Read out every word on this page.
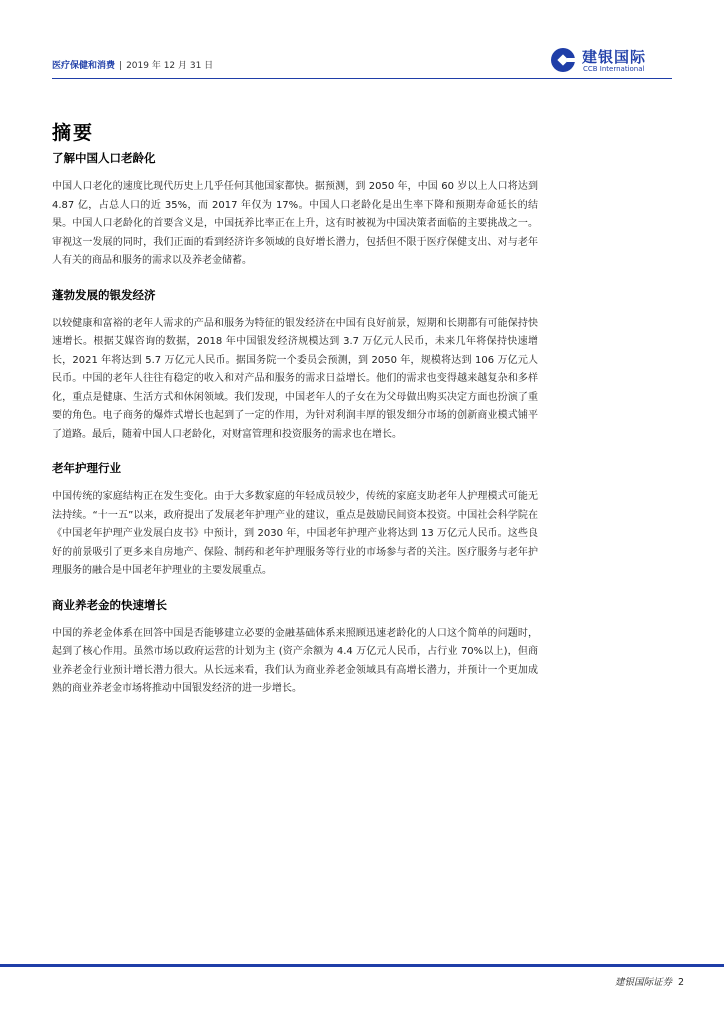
医疗保健和消费 | 2019 年 12 月 31 日	建银国际
CCB International
摘要

了解中国人口老龄化

中国人口老化的速度比现代历史上几乎任何其他国家都快。据预测，到 2050 年，中国 60 岁以上人口将达到 4.87 亿，占总人口的近 35%，而 2017 年仅为 17%。中国人口老龄化是出生率下降和预期寿命延长的结果。中国人口老龄化的首要含义是，中国抚养比率正在上升，这有时被视为中国决策者面临的主要挑战之一。审视这一发展的同时，我们正面的看到经济许多领域的良好增长潜力，包括但不限于医疗保健支出、对与老年人有关的商品和服务的需求以及养老金储蓄。

蓬勃发展的银发经济

以较健康和富裕的老年人需求的产品和服务为特征的银发经济在中国有良好前景，短期和长期都有可能保持快速增长。根据艾媒咨询的数据，2018 年中国银发经济规模达到 3.7 万亿元人民币，未来几年将保持快速增长，2021 年将达到 5.7 万亿元人民币。据国务院一个委员会预测，到 2050 年，规模将达到 106 万亿元人民币。中国的老年人往往有稳定的收入和对产品和服务的需求日益增长。他们的需求也变得越来越复杂和多样化，重点是健康、生活方式和休闲领域。我们发现，中国老年人的子女在为父母做出购买决定方面也扮演了重要的角色。电子商务的爆炸式增长也起到了一定的作用，为针对利润丰厚的银发细分市场的创新商业模式铺平了道路。最后，随着中国人口老龄化，对财富管理和投资服务的需求也在增长。

老年护理行业

中国传统的家庭结构正在发生变化。由于大多数家庭的年轻成员较少，传统的家庭支助老年人护理模式可能无法持续。“十一五”以来，政府提出了发展老年护理产业的建议，重点是鼓励民间资本投资。中国社会科学院在《中国老年护理产业发展白皮书》中预计，到 2030 年，中国老年护理产业将达到 13 万亿元人民币。这些良好的前景吸引了更多来自房地产、保险、制药和老年护理服务等行业的市场参与者的关注。医疗服务与老年护理服务的融合是中国老年护理业的主要发展重点。

商业养老金的快速增长

中国的养老金体系在回答中国是否能够建立必要的金融基础体系来照顾迅速老龄化的人口这个简单的问题时，起到了核心作用。虽然市场以政府运营的计划为主 (资产余额为 4.4 万亿元人民币，占行业 70%以上)，但商业养老金行业预计增长潜力很大。从长远来看，我们认为商业养老金领域具有高增长潜力，并预计一个更加成熟的商业养老金市场将推动中国银发经济的进一步增长。

建银国际证券 2
